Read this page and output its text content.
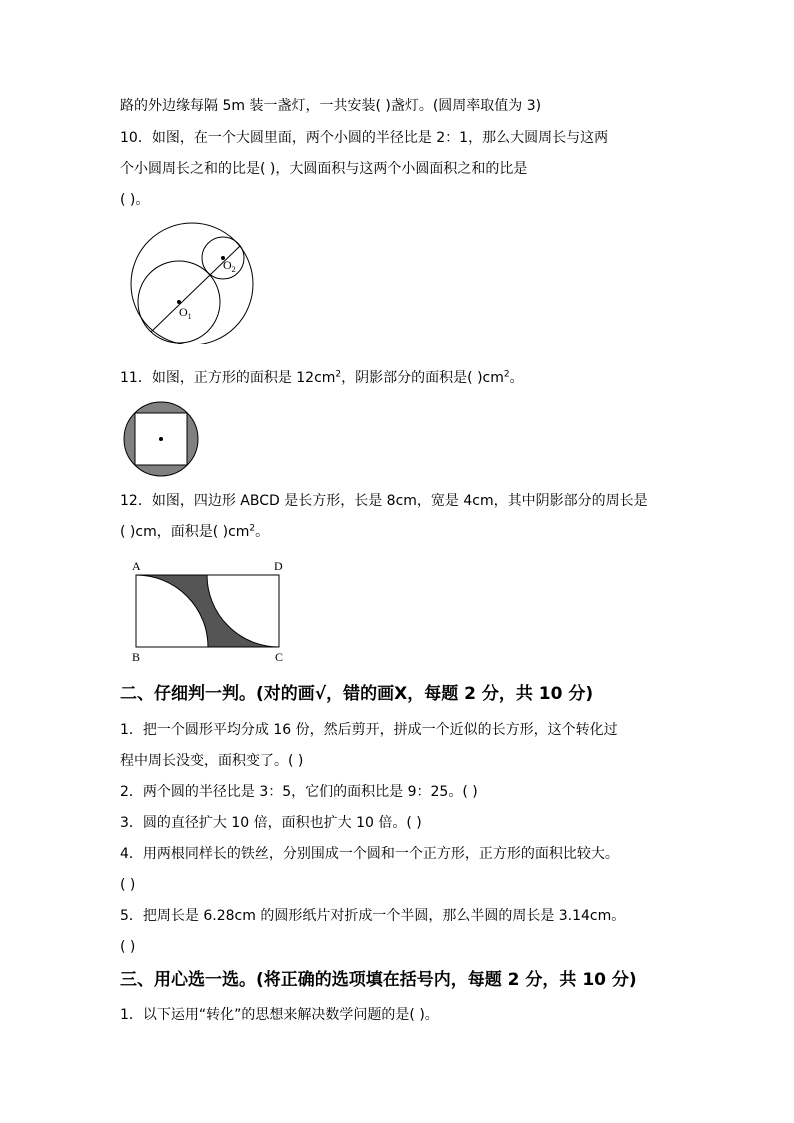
路的外边缘每隔 5m 装一盏灯，一共安装( )盏灯。(圆周率取值为 3)
10．如图，在一个大圆里面，两个小圆的半径比是 2：1，那么大圆周长与这两
个小圆周长之和的比是( )，大圆面积与这两个小圆面积之和的比是
( )。
$O_1$
$O_2$
11．如图，正方形的面积是 $12cm^2$，阴影部分的面积是( )$cm^2$。
12．如图，四边形 ABCD 是长方形，长是 8cm，宽是 4cm，其中阴影部分的周长是
( )cm，面积是( )$cm^2$。
A	D
B	C
二、仔细判一判。(对的画√，错的画X，每题 2 分，共 10 分)
1．把一个圆形平均分成 16 份，然后剪开，拼成一个近似的长方形，这个转化过
程中周长没变，面积变了。( )
2．两个圆的半径比是 3：5，它们的面积比是 9：25。( )
3．圆的直径扩大 10 倍，面积也扩大 10 倍。( )
4．用两根同样长的铁丝，分别围成一个圆和一个正方形，正方形的面积比较大。
( )
5．把周长是 6.28cm 的圆形纸片对折成一个半圆，那么半圆的周长是 3.14cm。
( )
三、用心选一选。(将正确的选项填在括号内，每题 2 分，共 10 分)
1．以下运用“转化”的思想来解决数学问题的是( )。
